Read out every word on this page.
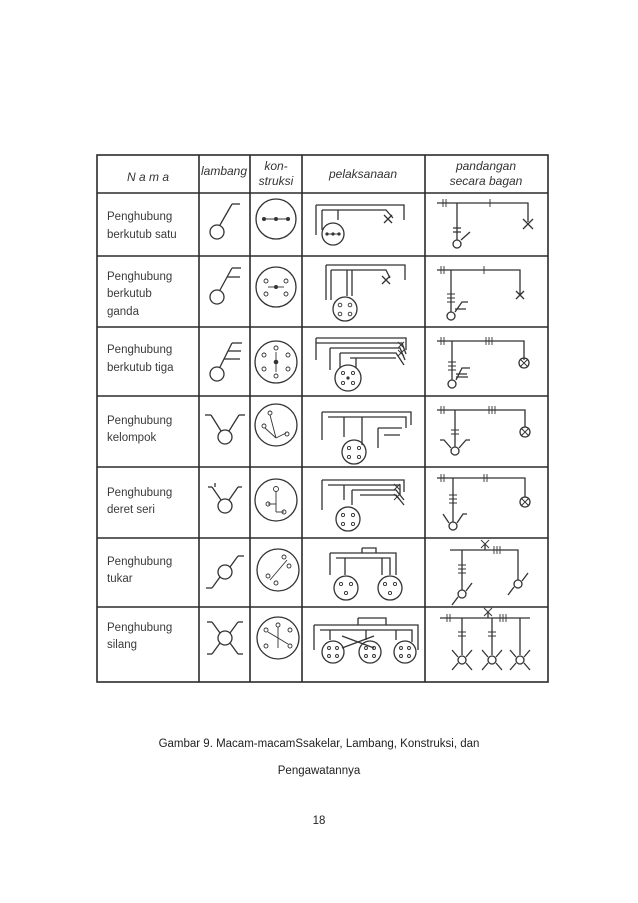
N a m a	lambang kon-
struksi	pelaksanaan
pandangan
secara bagan
Penghubung
berkutub satu
Penghubung
berkutub
ganda
Penghubung
berkutub tiga
Penghubung
kelompok
Penghubung
deret seri
Penghubung
tukar
Penghubung
silang
Gambar 9. Macam-macamSsakelar, Lambang, Konstruksi, dan
Pengawatannya
18
